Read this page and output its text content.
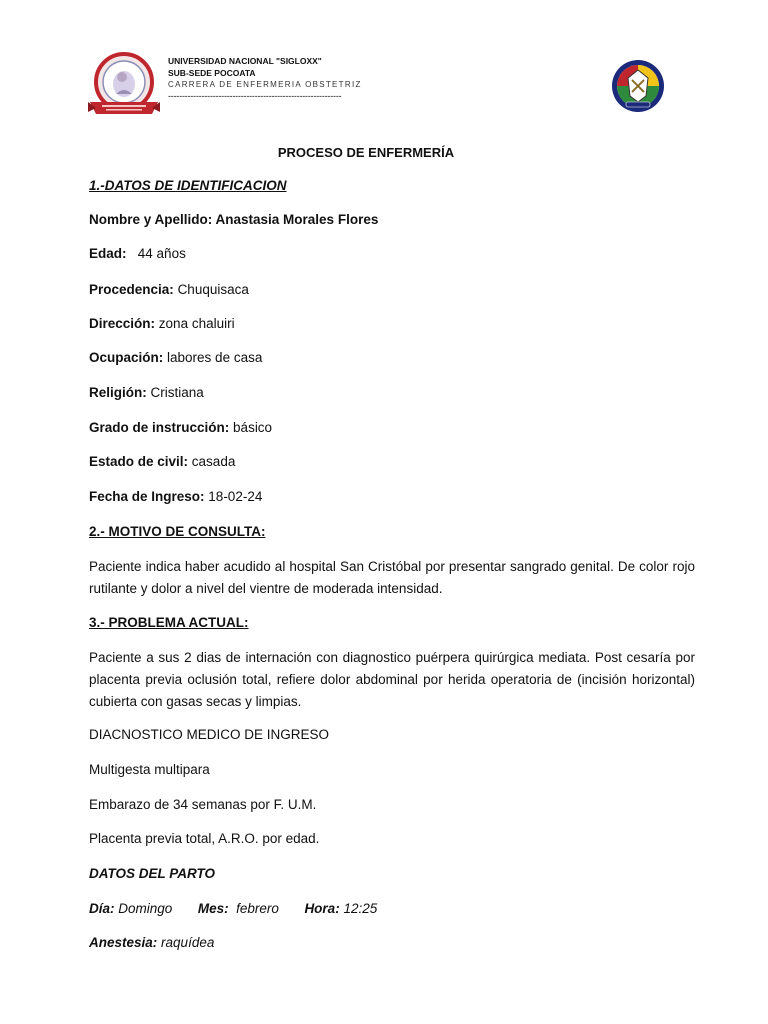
UNIVERSIDAD NACIONAL "SIGLOXX"
SUB-SEDE POCOATA
CARRERA DE ENFERMERIA OBSTETRIZ
--------------------------------------------------------------
PROCESO DE ENFERMERÍA
1.-DATOS DE IDENTIFICACION
Nombre y Apellido: Anastasia Morales Flores
Edad: 44 años
Procedencia: Chuquisaca
Dirección: zona chaluiri
Ocupación: labores de casa
Religión: Cristiana
Grado de instrucción: básico
Estado de civil: casada
Fecha de Ingreso: 18-02-24
2.- MOTIVO DE CONSULTA:
Paciente indica haber acudido al hospital San Cristóbal por presentar sangrado genital. De color rojo rutilante y dolor a nivel del vientre de moderada intensidad.
3.- PROBLEMA ACTUAL:
Paciente a sus 2 dias de internación con diagnostico puérpera quirúrgica mediata. Post cesaría por placenta previa oclusión total, refiere dolor abdominal por herida operatoria de (incisión horizontal) cubierta con gasas secas y limpias.
DIACNOSTICO MEDICO DE INGRESO
Multigesta multipara
Embarazo de 34 semanas por F. U.M.
Placenta previa total, A.R.O. por edad.
DATOS DEL PARTO
Día: Domingo Mes: febrero Hora: 12:25
Anestesia: raquídea
